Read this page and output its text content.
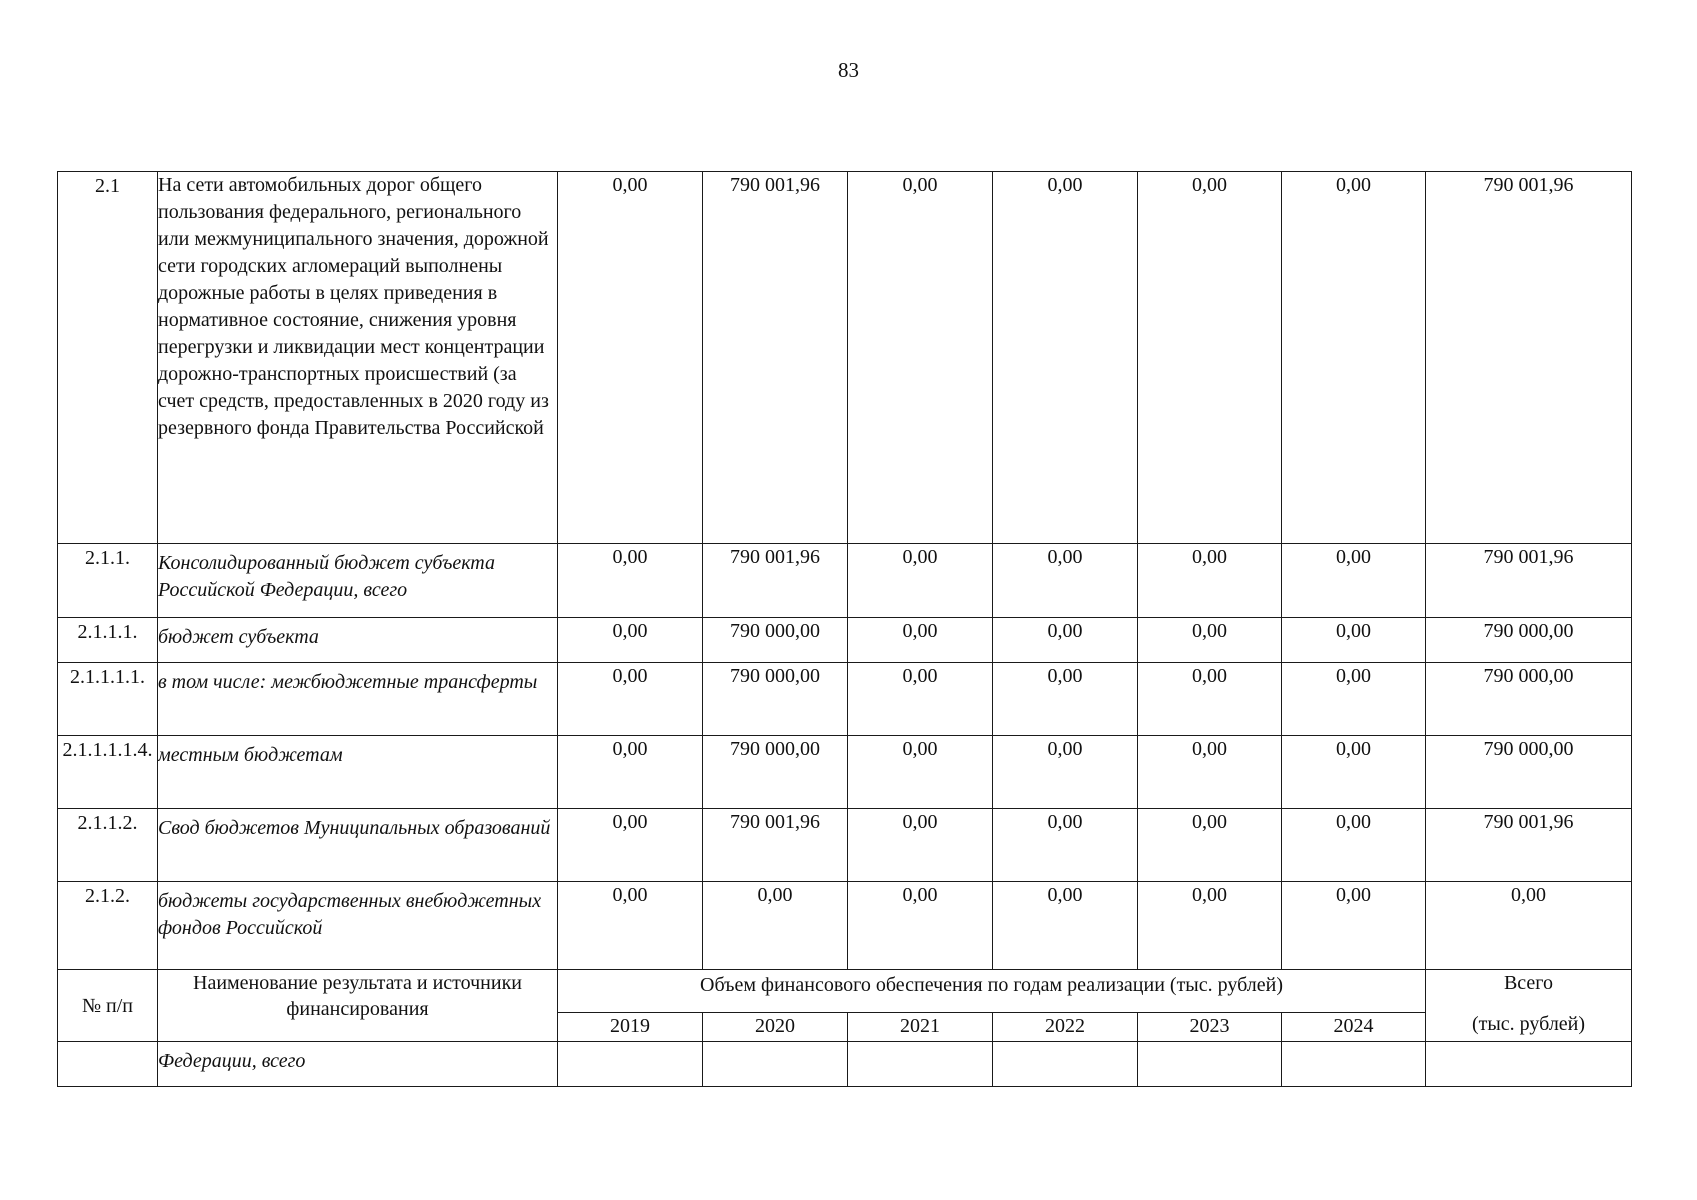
83
2.1	На сети автомобильных дорог общего пользования федерального, регионального или межмуниципального значения, дорожной сети городских агломераций выполнены дорожные работы в целях приведения в нормативное состояние, снижения уровня перегрузки и ликвидации мест концентрации дорожно-транспортных происшествий (за счет средств, предоставленных в 2020 году из резервного фонда Правительства Российской	0,00	790 001,96	0,00	0,00	0,00	0,00	790 001,96
2.1.1.	Консолидированный бюджет субъекта Российской Федерации, всего	0,00	790 001,96	0,00	0,00	0,00	0,00	790 001,96
2.1.1.1.	бюджет субъекта	0,00	790 000,00	0,00	0,00	0,00	0,00	790 000,00
2.1.1.1.1.	в том числе: межбюджетные трансферты	0,00	790 000,00	0,00	0,00	0,00	0,00	790 000,00
2.1.1.1.1.4.	местным бюджетам	0,00	790 000,00	0,00	0,00	0,00	0,00	790 000,00
2.1.1.2.	Свод бюджетов Муниципальных образований	0,00	790 001,96	0,00	0,00	0,00	0,00	790 001,96
2.1.2.	бюджеты государственных внебюджетных фондов Российской	0,00	0,00	0,00	0,00	0,00	0,00	0,00
№ п/п	Наименование результата и источники финансирования	Объем финансового обеспечения по годам реализации (тыс. рублей)						Всего
(тыс. рублей)

		2019	2020	2021	2022	2023	2024	

	Федерации, всего							
